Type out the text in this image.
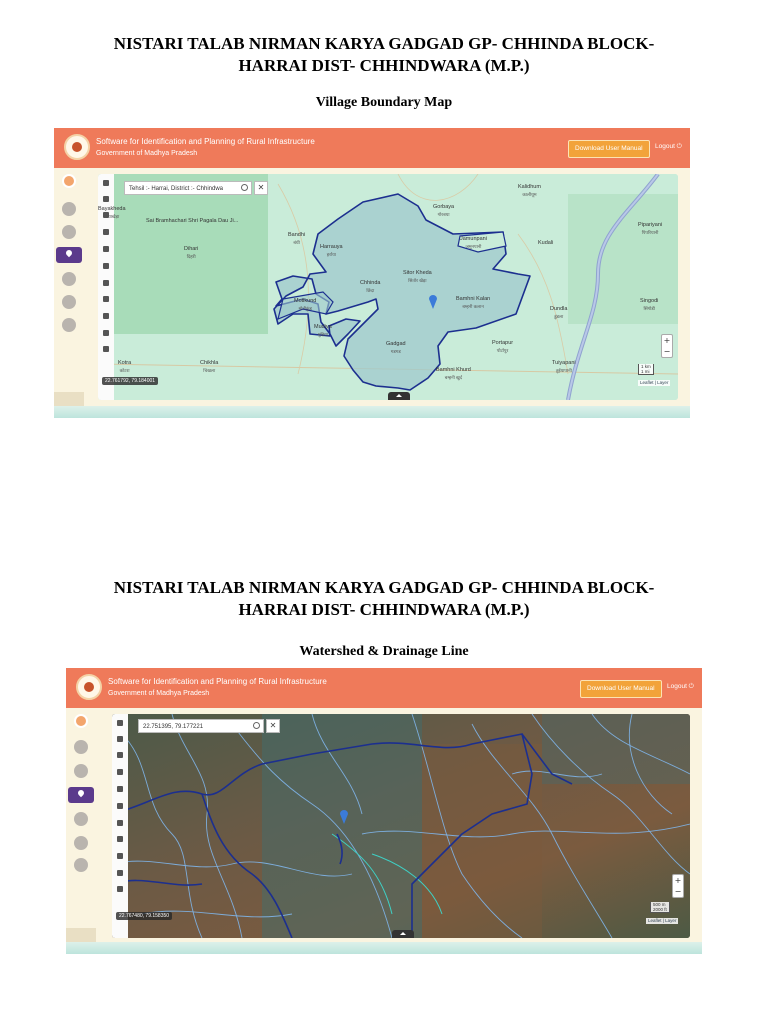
NISTARI TALAB NIRMAN KARYA GADGAD GP- CHHINDA BLOCK-
HARRAI DIST- CHHINDWARA (M.P.)
Village Boundary Map
Software for Identification and Planning of Rural Infrastructure
Government of Madhya Pradesh
Download User Manual	Logout ⏻
Tehsil :- Harrai, District :- Chhindwa	✕
Bandhi
बंधी
Harrauya
हर्राया
Chhinda
छिंदा
Sitor Kheda
सितोर खेड़ा
Gorbaya
गोरबया
Jamunpani
जमुनपानी
Bamhni Kalan
बम्हनी कलान
Motikund
मोतीकुंड
Mudiya
मुड़िया
Gadgad
गडगड
Bamhni Khurd
बम्हनी खुर्द
Portapur
पोर्टापुर
Tuiyapani
तुईयापानी
Dundla
डुंडला
Kudali
Kalidhum
कालीधूम
Pipariyani
पिपरियानी
Singodi
सिंगोडी
Dihari
दिहरी
Kotra
कोटरा
Chikhla
चिखला
Bayakheda
बायाखेड़ा
Sai Bramhachari Shri Pagala Dau Ji...
22.761792, 79.184001
+
−
1 km
1 mi
Leaflet | Layer
NISTARI TALAB NIRMAN KARYA GADGAD GP- CHHINDA BLOCK-
HARRAI DIST- CHHINDWARA (M.P.)
Watershed & Drainage Line
Software for Identification and Planning of Rural Infrastructure
Government of Madhya Pradesh
Download User Manual	Logout ⏻
22.751395, 79.177221	✕
22.767480, 79.158350
+
−
500 m
2000 ft
Leaflet | Layer
